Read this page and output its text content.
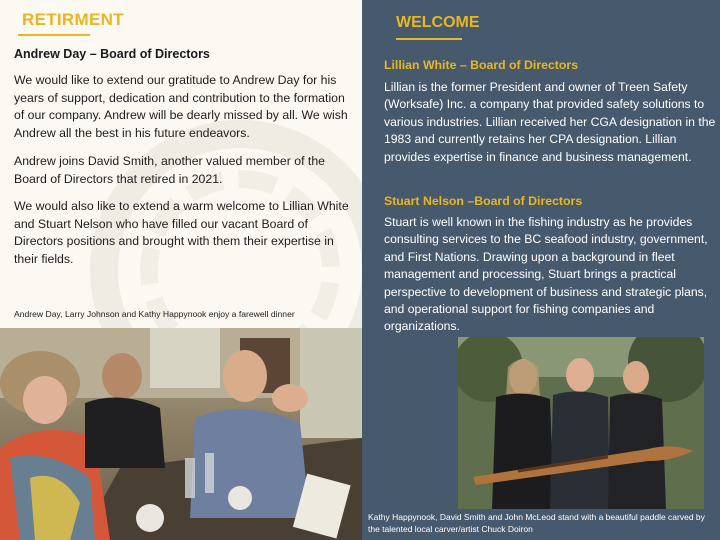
RETIRMENT
Andrew Day – Board of Directors

We would like to extend our gratitude to Andrew Day for his years of support, dedication and contribution to the formation of our company. Andrew will be dearly missed by all. We wish Andrew all the best in his future endeavors.

Andrew joins David Smith, another valued member of the Board of Directors that retired in 2021.

We would also like to extend a warm welcome to Lillian White and Stuart Nelson who have filled our vacant Board of Directors positions and brought with them their expertise in their fields.

Andrew Day, Larry Johnson and Kathy Happynook enjoy a farewell dinner
WELCOME
Lillian White – Board of Directors

Lillian is the former President and owner of Treen Safety (Worksafe) Inc. a company that provided safety solutions to various industries. Lillian received her CGA designation in the 1983 and currently retains her CPA designation. Lillian provides expertise in finance and business management.

Stuart Nelson –Board of Directors

Stuart is well known in the fishing industry as he provides consulting services to the BC seafood industry, government, and First Nations. Drawing upon a background in fleet management and processing, Stuart brings a practical perspective to development of business and strategic plans, and operational support for fishing companies and organizations.

Kathy Happynook, David Smith and John McLeod stand with a beautiful paddle carved by the talented local carver/artist Chuck Doiron
